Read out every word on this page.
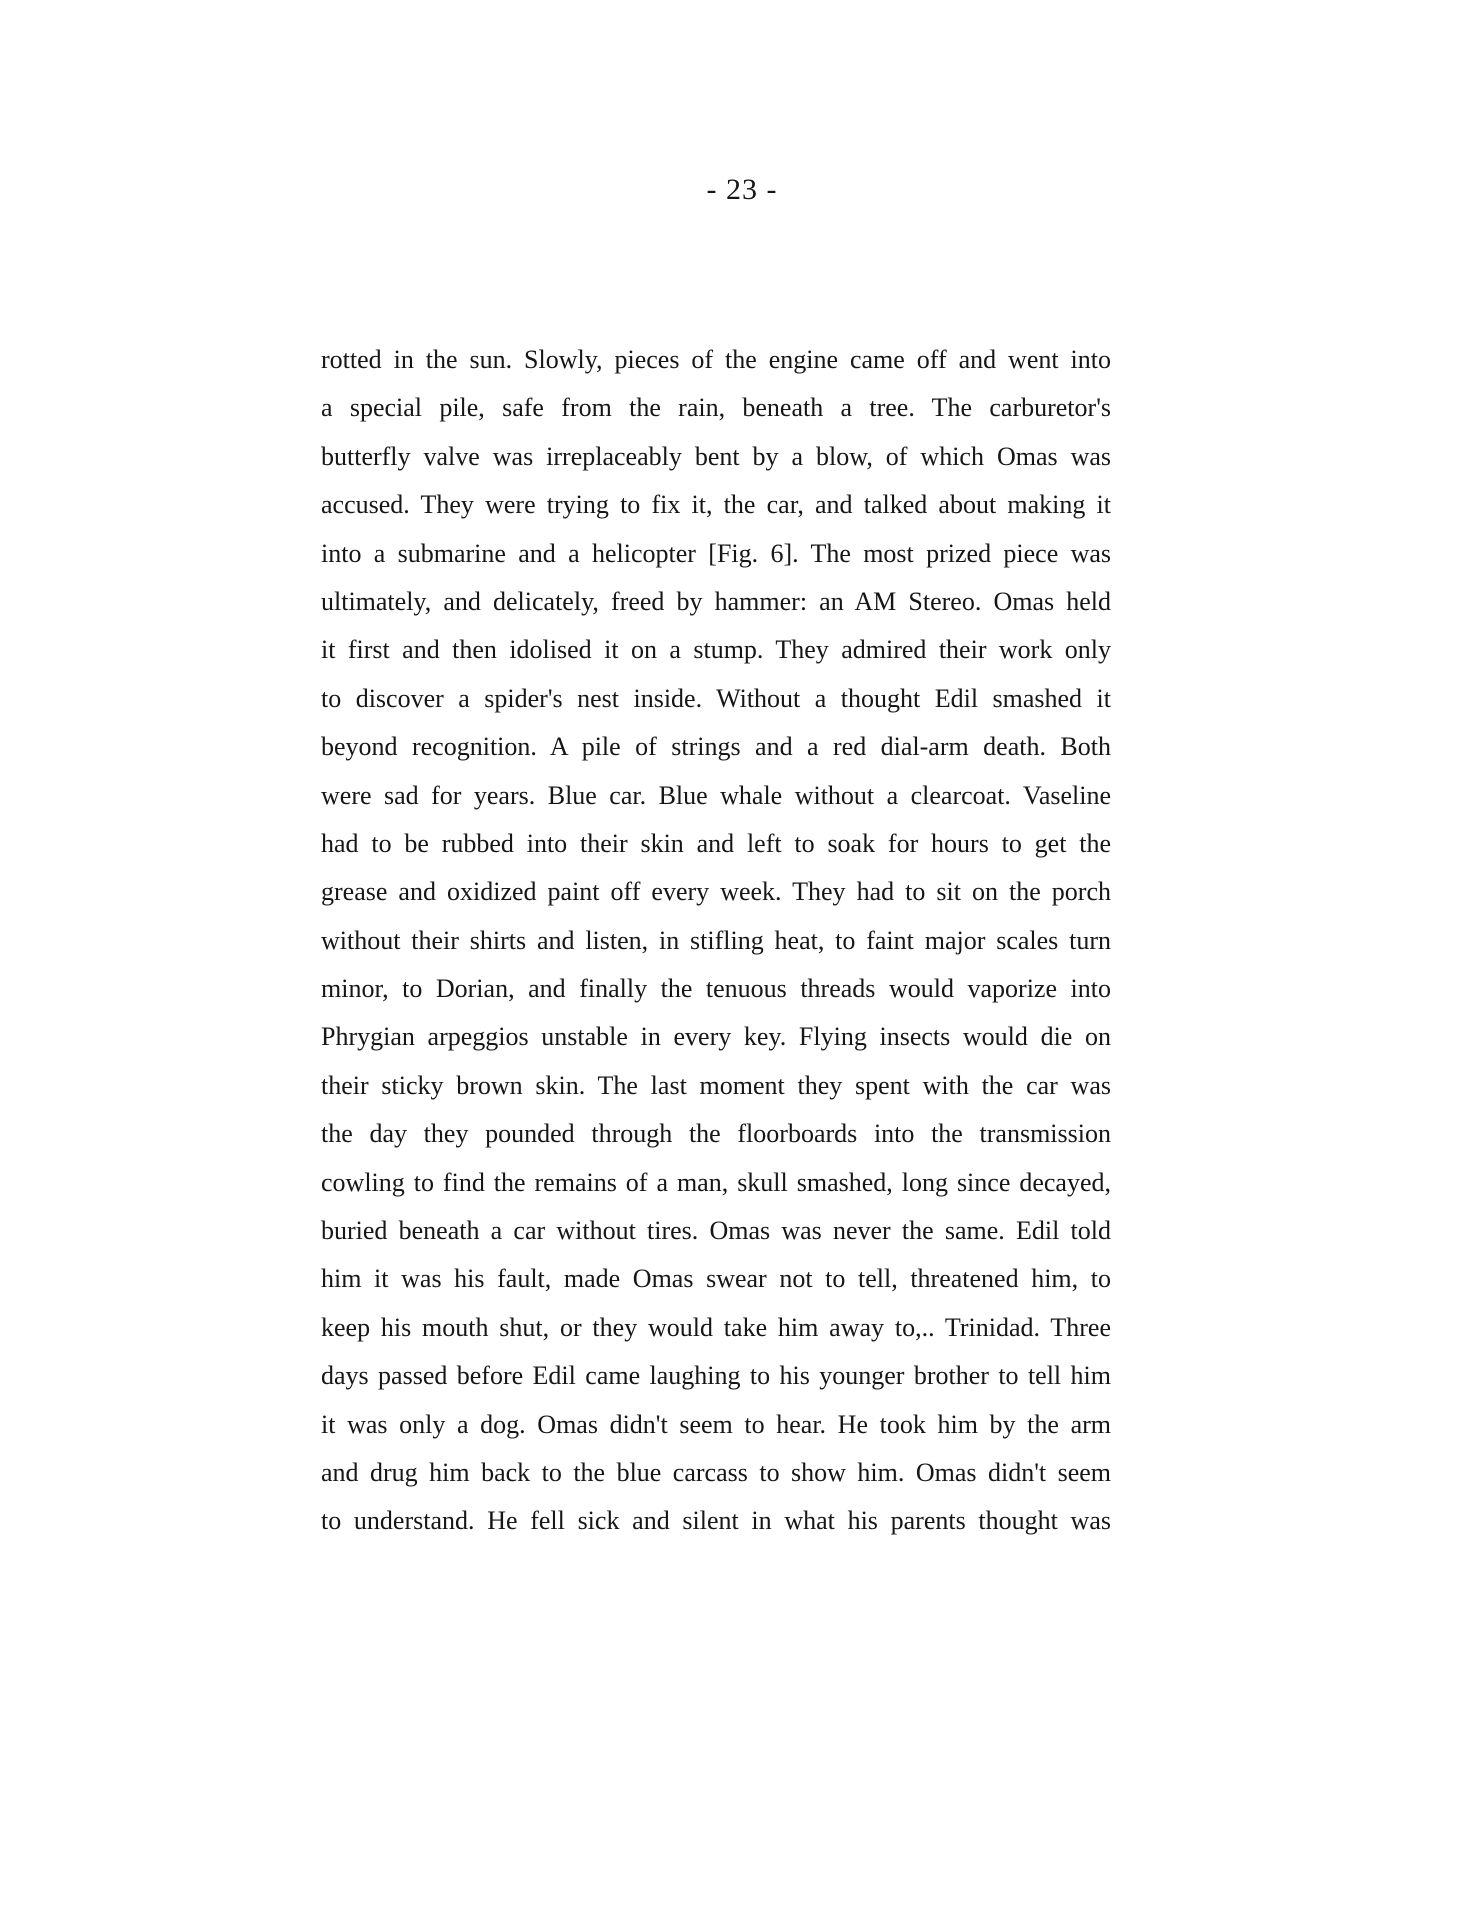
- 23 -
rotted in the sun. Slowly, pieces of the engine came off and went into
a special pile, safe from the rain, beneath a tree. The carburetor's
butterfly valve was irreplaceably bent by a blow, of which Omas was
accused. They were trying to fix it, the car, and talked about making it
into a submarine and a helicopter [Fig. 6]. The most prized piece was
ultimately, and delicately, freed by hammer: an AM Stereo. Omas held
it first and then idolised it on a stump. They admired their work only
to discover a spider's nest inside. Without a thought Edil smashed it
beyond recognition. A pile of strings and a red dial-arm death. Both
were sad for years. Blue car. Blue whale without a clearcoat. Vaseline
had to be rubbed into their skin and left to soak for hours to get the
grease and oxidized paint off every week. They had to sit on the porch
without their shirts and listen, in stifling heat, to faint major scales turn
minor, to Dorian, and finally the tenuous threads would vaporize into
Phrygian arpeggios unstable in every key. Flying insects would die on
their sticky brown skin. The last moment they spent with the car was
the day they pounded through the floorboards into the transmission
cowling to find the remains of a man, skull smashed, long since decayed,
buried beneath a car without tires. Omas was never the same. Edil told
him it was his fault, made Omas swear not to tell, threatened him, to
keep his mouth shut, or they would take him away to,.. Trinidad. Three
days passed before Edil came laughing to his younger brother to tell him
it was only a dog. Omas didn't seem to hear. He took him by the arm
and drug him back to the blue carcass to show him. Omas didn't seem
to understand. He fell sick and silent in what his parents thought was
